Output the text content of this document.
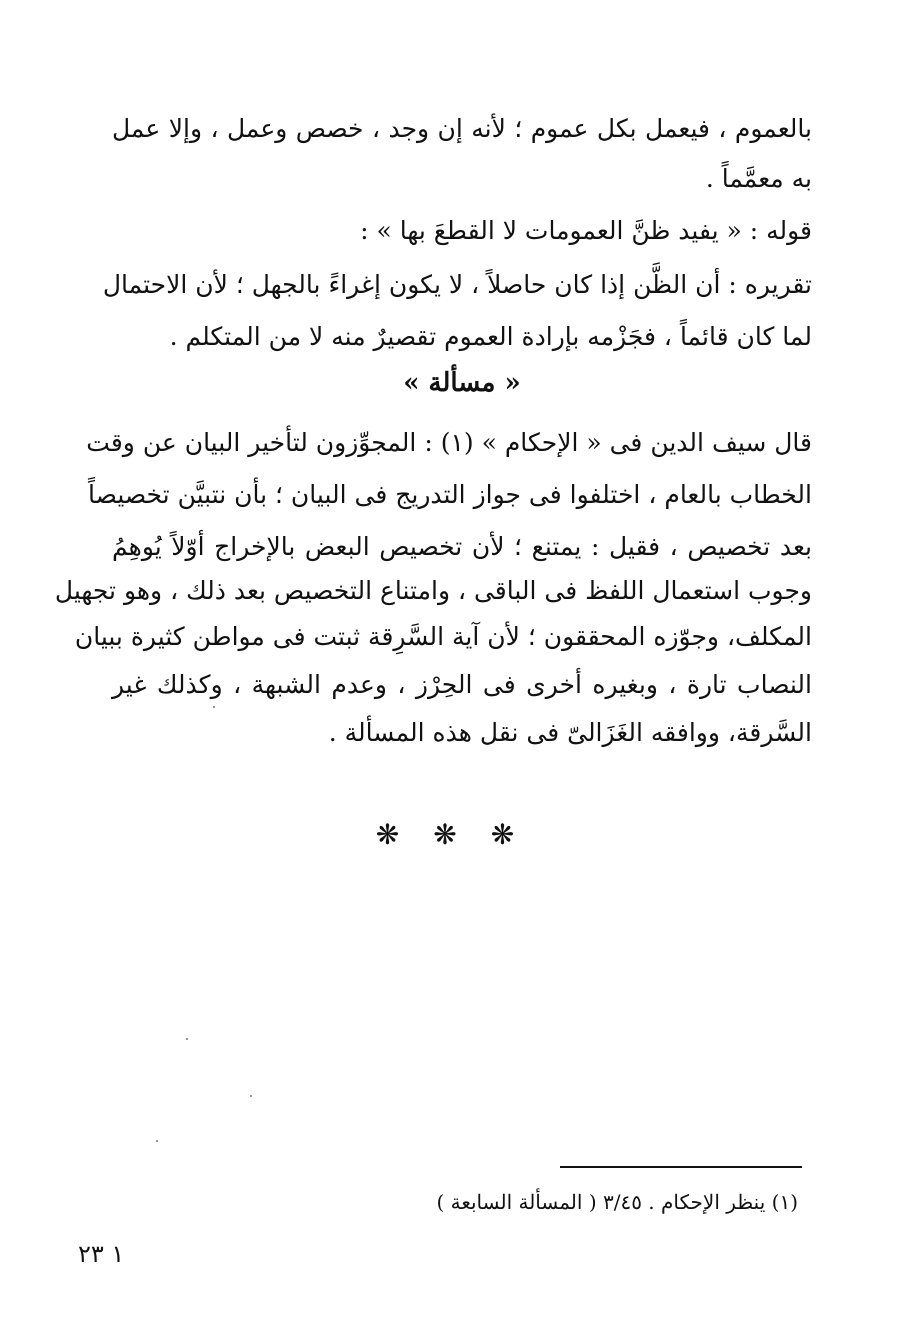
بالعموم ، فيعمل بكل عموم ؛ لأنه إن وجد ، خصص وعمل ، وإلا عمل
به معمَّماً .
قوله : « يفيد ظنَّ العمومات لا القطعَ بها » :
تقريره : أن الظَّن إذا كان حاصلاً ، لا يكون إغراءً بالجهل ؛ لأن الاحتمال
لما كان قائماً ، فجَزْمه بإرادة العموم تقصيرٌ منه لا من المتكلم .
« مسألة »
قال سيف الدين فى « الإحكام » (١) : المجوِّزون لتأخير البيان عن وقت
الخطاب بالعام ، اختلفوا فى جواز التدريج فى البيان ؛ بأن نتبيَّن تخصيصاً
بعد تخصيص ، فقيل : يمتنع ؛ لأن تخصيص البعض بالإخراج أوّلاً يُوهِمُ
وجوب استعمال اللفظ فى الباقى ، وامتناع التخصيص بعد ذلك ، وهو تجهيل
المكلف، وجوّزه المحققون ؛ لأن آية السَّرِقة ثبتت فى مواطن كثيرة ببيان
النصاب تارة ، وبغيره أخرى فى الحِرْز ، وعدم الشبهة ، وكذلك غير
السَّرقة، ووافقه الغَزَالىّ فى نقل هذه المسألة .
❋❋❋
(١) ينظر الإحكام . ٣/٤٥ ( المسألة السابعة )
١ ٢٣
